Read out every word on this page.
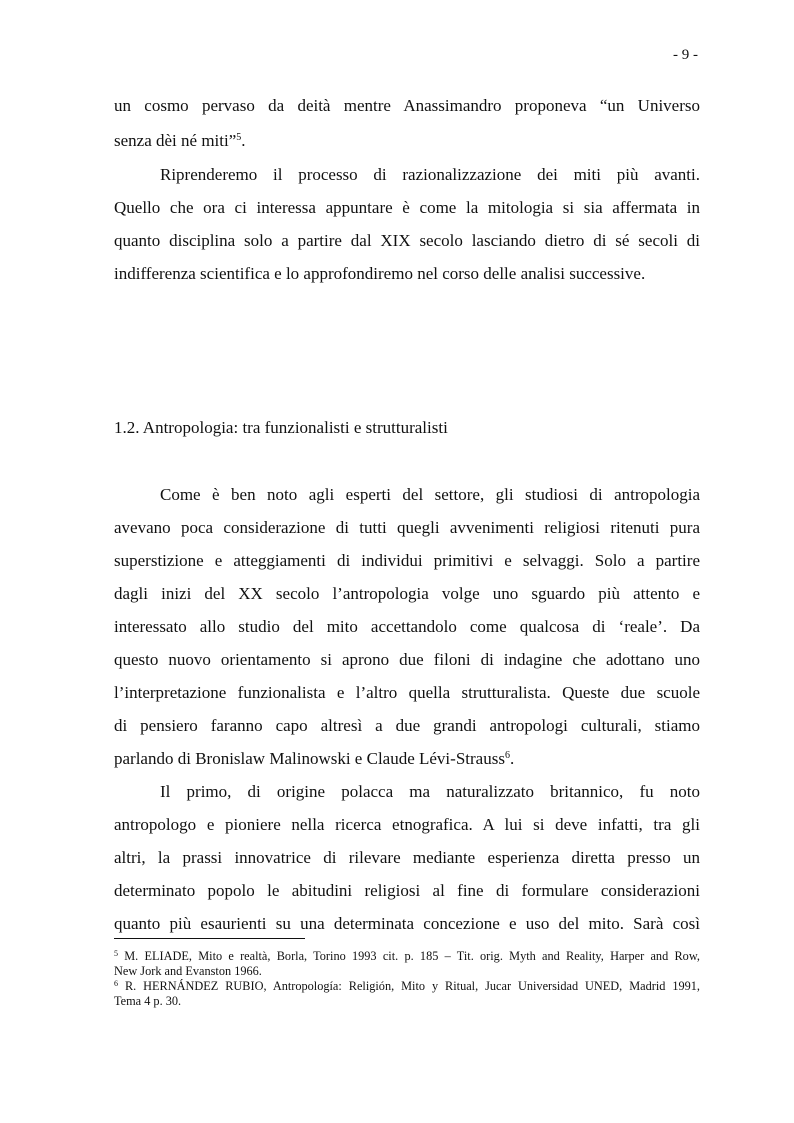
- 9 -
un cosmo pervaso da deità mentre Anassimandro proponeva “un Universo
senza dèi né miti”$^5$.
Riprenderemo il processo di razionalizzazione dei miti più avanti.
Quello che ora ci interessa appuntare è come la mitologia si sia affermata in
quanto disciplina solo a partire dal XIX secolo lasciando dietro di sé secoli di
indifferenza scientifica e lo approfondiremo nel corso delle analisi successive.
1.2. Antropologia: tra funzionalisti e strutturalisti
Come è ben noto agli esperti del settore, gli studiosi di antropologia
avevano poca considerazione di tutti quegli avvenimenti religiosi ritenuti pura
superstizione e atteggiamenti di individui primitivi e selvaggi. Solo a partire
dagli inizi del XX secolo l’antropologia volge uno sguardo più attento e
interessato allo studio del mito accettandolo come qualcosa di ‘reale’. Da
questo nuovo orientamento si aprono due filoni di indagine che adottano uno
l’interpretazione funzionalista e l’altro quella strutturalista. Queste due scuole
di pensiero faranno capo altresì a due grandi antropologi culturali, stiamo
parlando di Bronislaw Malinowski e Claude Lévi-Strauss$^6$.
Il primo, di origine polacca ma naturalizzato britannico, fu noto
antropologo e pioniere nella ricerca etnografica. A lui si deve infatti, tra gli
altri, la prassi innovatrice di rilevare mediante esperienza diretta presso un
determinato popolo le abitudini religiosi al fine di formulare considerazioni
quanto più esaurienti su una determinata concezione e uso del mito. Sarà così
$^5$ M. ELIADE, Mito e realtà, Borla, Torino 1993 cit. p. 185 – Tit. orig. Myth and Reality, Harper and Row,
New Jork and Evanston 1966.
$^6$ R. HERNÁNDEZ RUBIO, Antropología: Religión, Mito y Ritual, Jucar Universidad UNED, Madrid 1991,
Tema 4 p. 30.
